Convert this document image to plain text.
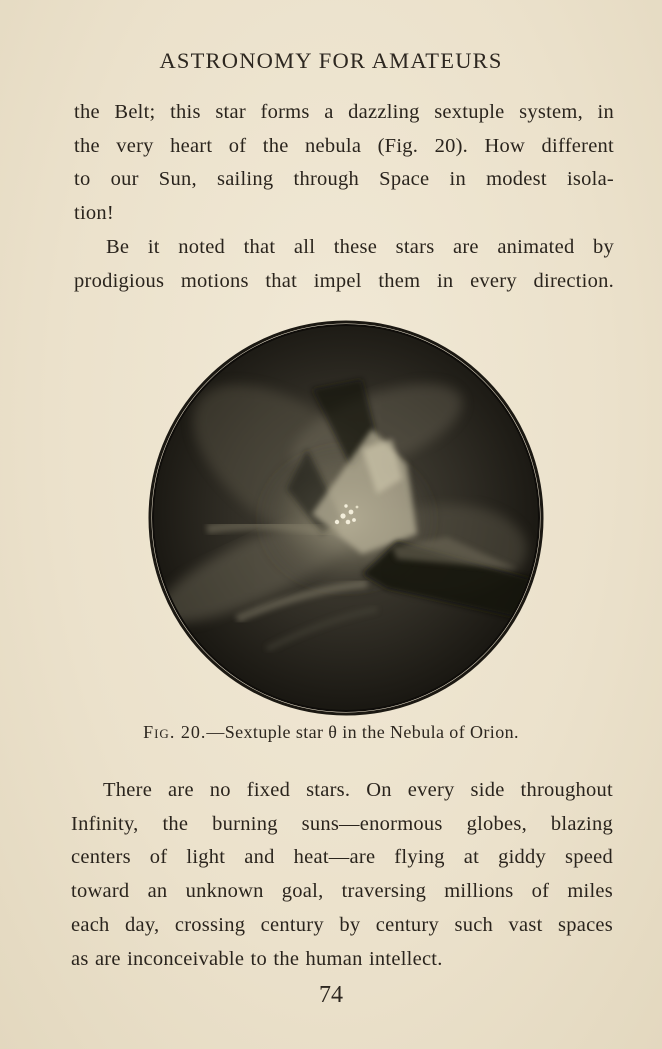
ASTRONOMY FOR AMATEURS
the Belt; this star forms a dazzling sextuple system, in
the very heart of the nebula (Fig. 20). How different
to our Sun, sailing through Space in modest isola-
tion!
Be it noted that all these stars are animated by
prodigious motions that impel them in every direction.
Fig. 20.—Sextuple star θ in the Nebula of Orion.
There are no fixed stars. On every side throughout
Infinity, the burning suns—enormous globes, blazing
centers of light and heat—are flying at giddy speed
toward an unknown goal, traversing millions of miles
each day, crossing century by century such vast spaces
as are inconceivable to the human intellect.
74
